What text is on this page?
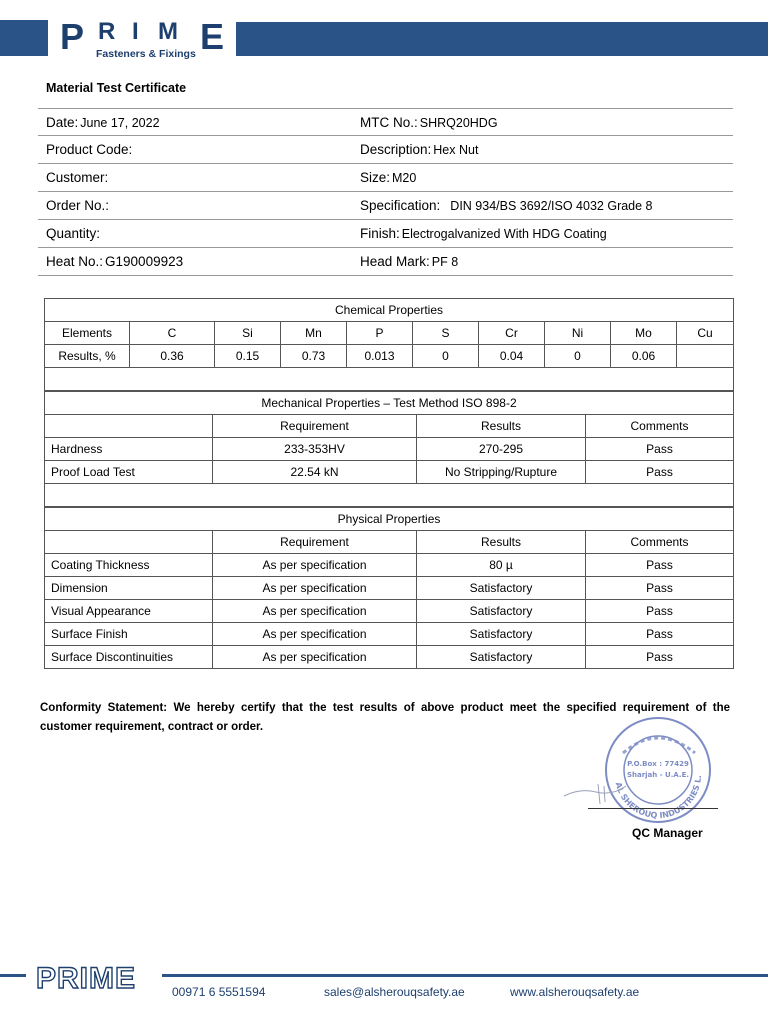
P R I M E
Fasteners & Fixings
Material Test Certificate
Date: June 17, 2022	MTC No.: SHRQ20HDG
Product Code:	Description: Hex Nut
Customer:	Size: M20
Order No.:	Specification: DIN 934/BS 3692/ISO 4032 Grade 8
Quantity:	Finish: Electrogalvanized With HDG Coating
Heat No.: G190009923	Head Mark: PF 8
Chemical Properties									
Elements	C	Si	Mn	P	S	Cr	Ni	Mo	Cu
Results, %	0.36	0.15	0.73	0.013	0	0.04	0	0.06	

Mechanical Properties – Test Method ISO 898-2			
	Requirement	Results	Comments
Hardness	233-353HV	270-295	Pass
Proof Load Test	22.54 kN	No Stripping/Rupture	Pass

Physical Properties			
	Requirement	Results	Comments
Coating Thickness	As per specification	80 µ	Pass
Dimension	As per specification	Satisfactory	Pass
Visual Appearance	As per specification	Satisfactory	Pass
Surface Finish	As per specification	Satisfactory	Pass
Surface Discontinuities	As per specification	Satisfactory	Pass
Conformity Statement: We hereby certify that the test results of above product meet the specified requirement of the customer requirement, contract or order.
AL SHEROUQ INDUSTRIES L.
P.O.Box : 77429
Sharjah - U.A.E.
QC Manager
PRIME	00971 6 5551594	sales@alsherouqsafety.ae	www.alsherouqsafety.ae
